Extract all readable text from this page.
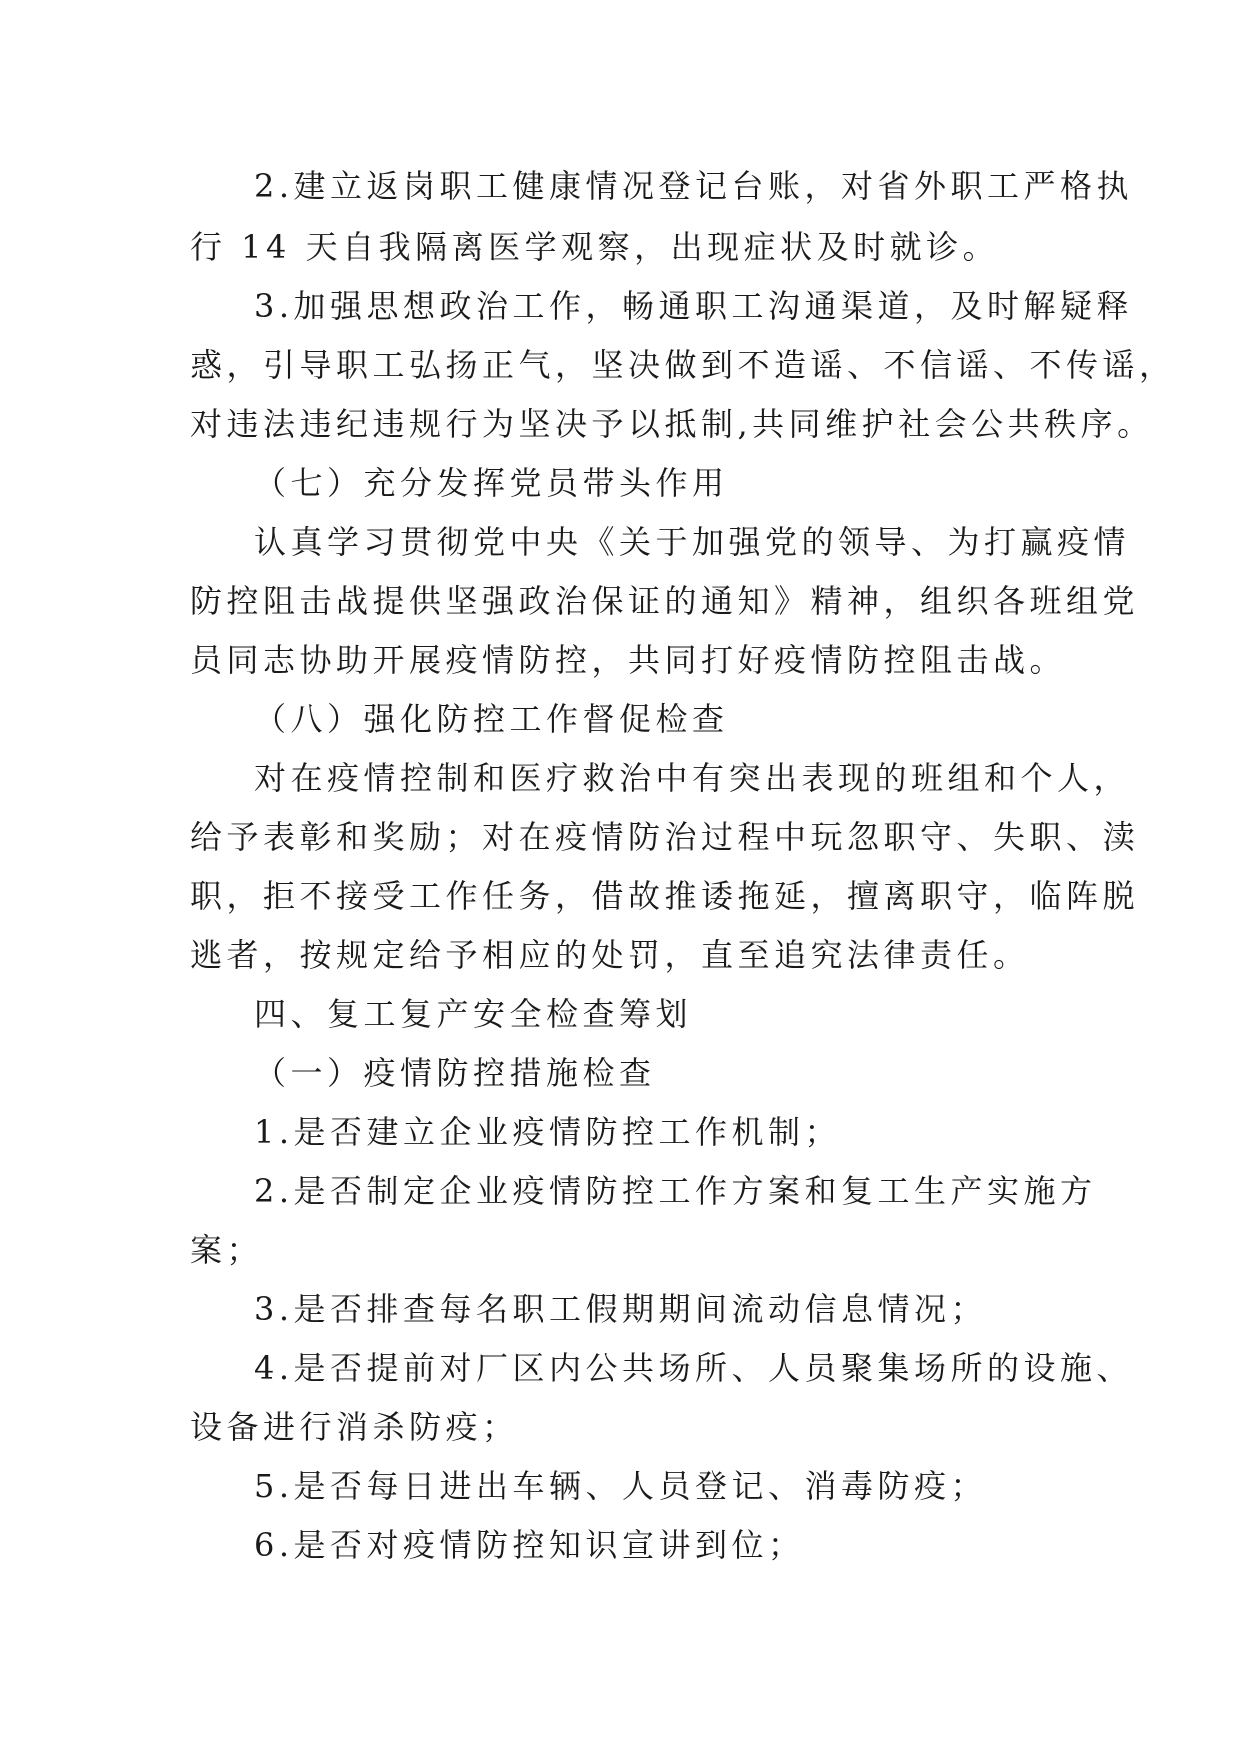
2.建立返岗职工健康情况登记台账，对省外职工严格执
行 14 天自我隔离医学观察，出现症状及时就诊。
3.加强思想政治工作，畅通职工沟通渠道，及时解疑释
惑，引导职工弘扬正气，坚决做到不造谣、不信谣、不传谣，
对违法违纪违规行为坚决予以抵制,共同维护社会公共秩序。
（七）充分发挥党员带头作用
认真学习贯彻党中央《关于加强党的领导、为打赢疫情
防控阻击战提供坚强政治保证的通知》精神，组织各班组党
员同志协助开展疫情防控，共同打好疫情防控阻击战。
（八）强化防控工作督促检查
对在疫情控制和医疗救治中有突出表现的班组和个人，
给予表彰和奖励；对在疫情防治过程中玩忽职守、失职、渎
职，拒不接受工作任务，借故推诿拖延，擅离职守，临阵脱
逃者，按规定给予相应的处罚，直至追究法律责任。
四、复工复产安全检查筹划
（一）疫情防控措施检查
1.是否建立企业疫情防控工作机制；
2.是否制定企业疫情防控工作方案和复工生产实施方
案；
3.是否排查每名职工假期期间流动信息情况；
4.是否提前对厂区内公共场所、人员聚集场所的设施、
设备进行消杀防疫；
5.是否每日进出车辆、人员登记、消毒防疫；
6.是否对疫情防控知识宣讲到位；
